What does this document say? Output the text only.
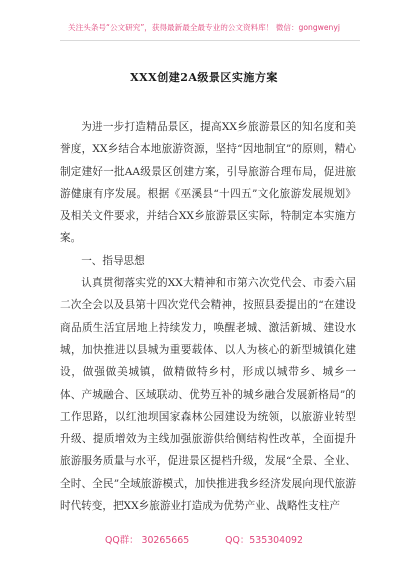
关注头条号“公文研究”，获得最新最全最专业的公文资料库！ 微信：gongwenyj
XXX创建2A级景区实施方案

为进一步打造精品景区，提高XX乡旅游景区的知名度和美誉度，XX乡结合本地旅游资源，坚持“因地制宜”的原则，精心制定建好一批AA级景区创建方案，引导旅游合理布局，促进旅游健康有序发展。根据《巫溪县“十四五”文化旅游发展规划》及相关文件要求，并结合XX乡旅游景区实际，特制定本实施方案。

一、指导思想

认真贯彻落实党的XX大精神和市第六次党代会、市委六届二次全会以及县第十四次党代会精神，按照县委提出的“在建设商品质生活宜居地上持续发力，唤醒老城、激活新城、建设水城，加快推进以县城为重要载体、以人为核心的新型城镇化建设，做强做美城镇，做精做特乡村，形成以城带乡、城乡一体、产城融合、区域联动、优势互补的城乡融合发展新格局”的工作思路，以红池坝国家森林公园建设为统领，以旅游业转型升级、提质增效为主线加强旅游供给侧结构性改革，全面提升旅游服务质量与水平，促进景区提档升级，发展“全景、全业、全时、全民”全域旅游模式，加快推进我乡经济发展向现代旅游时代转变，把XX乡旅游业打造成为优势产业、战略性支柱产

QQ群： 30265665	QQ：535304092
